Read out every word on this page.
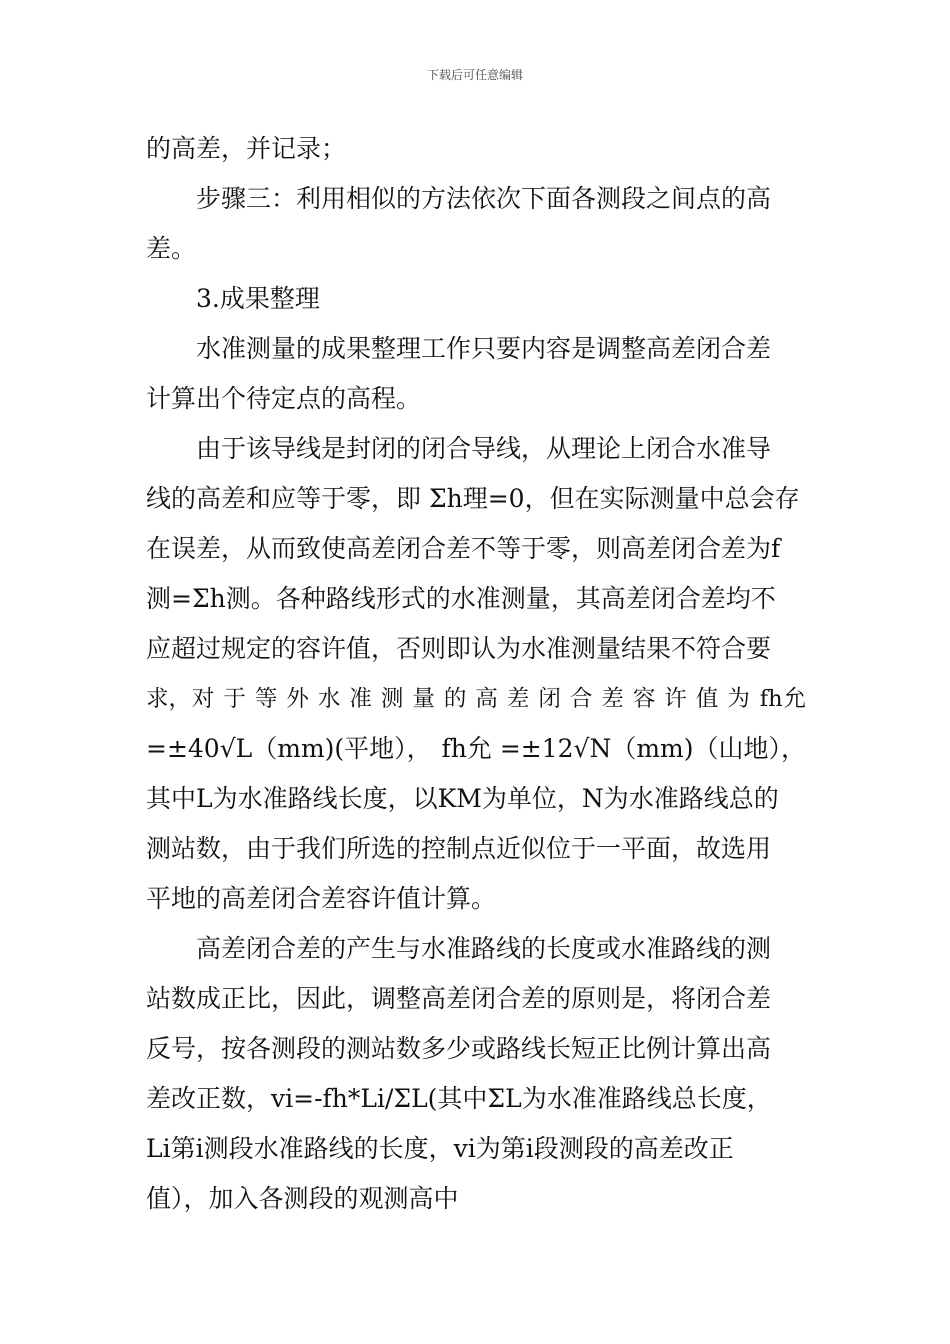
下载后可任意编辑
的高差，并记录；
步骤三：利用相似的方法依次下面各测段之间点的高
差。
3.成果整理
水准测量的成果整理工作只要内容是调整高差闭合差
计算出个待定点的高程。
由于该导线是封闭的闭合导线，从理论上闭合水准导
线的高差和应等于零，即 Σh理=0，但在实际测量中总会存
在误差，从而致使高差闭合差不等于零，则高差闭合差为f
测=Σh测。各种路线形式的水准测量，其高差闭合差均不
应超过规定的容许值，否则即认为水准测量结果不符合要
求， 对于等外水准测量的高差闭合差容许值为 fh 允
=±40√L（mm)(平地）， fh允 =±12√N（mm)（山地），
其中L为水准路线长度，以KM为单位，N为水准路线总的
测站数，由于我们所选的控制点近似位于一平面，故选用
平地的高差闭合差容许值计算。
高差闭合差的产生与水准路线的长度或水准路线的测
站数成正比，因此，调整高差闭合差的原则是，将闭合差
反号，按各测段的测站数多少或路线长短正比例计算出高
差改正数，vi=-fh*Li/ΣL(其中ΣL为水准准路线总长度，
Li第i测段水准路线的长度，vi为第i段测段的高差改正
值），加入各测段的观测高中
